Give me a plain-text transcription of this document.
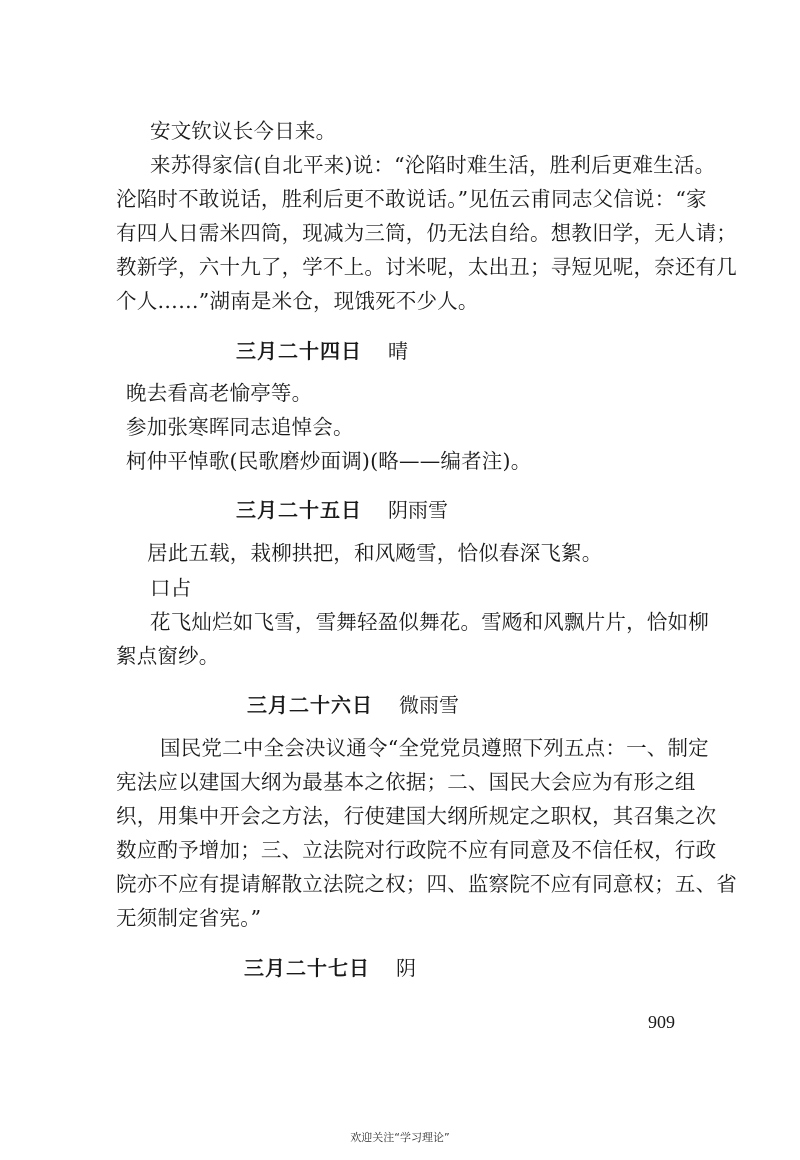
安文钦议长今日来。
来苏得家信(自北平来)说：“沦陷时难生活，胜利后更难生活。
沦陷时不敢说话，胜利后更不敢说话。”见伍云甫同志父信说：“家
有四人日需米四筒，现减为三筒，仍无法自给。想教旧学，无人请；
教新学，六十九了，学不上。讨米呢，太出丑；寻短见呢，奈还有几
个人……”湖南是米仓，现饿死不少人。
三月二十四日 晴
晚去看高老愉亭等。
参加张寒晖同志追悼会。
柯仲平悼歌(民歌磨炒面调)(略——编者注)。
三月二十五日 阴雨雪
居此五载，栽柳拱把，和风飏雪，恰似春深飞絮。
口占
花飞灿烂如飞雪，雪舞轻盈似舞花。雪飏和风飘片片，恰如柳
絮点窗纱。
三月二十六日 微雨雪
国民党二中全会决议通令“全党党员遵照下列五点：一、制定
宪法应以建国大纲为最基本之依据；二、国民大会应为有形之组
织，用集中开会之方法，行使建国大纲所规定之职权，其召集之次
数应酌予增加；三、立法院对行政院不应有同意及不信任权，行政
院亦不应有提请解散立法院之权；四、监察院不应有同意权；五、省
无须制定省宪。”
三月二十七日 阴
909
欢迎关注“学习理论”
